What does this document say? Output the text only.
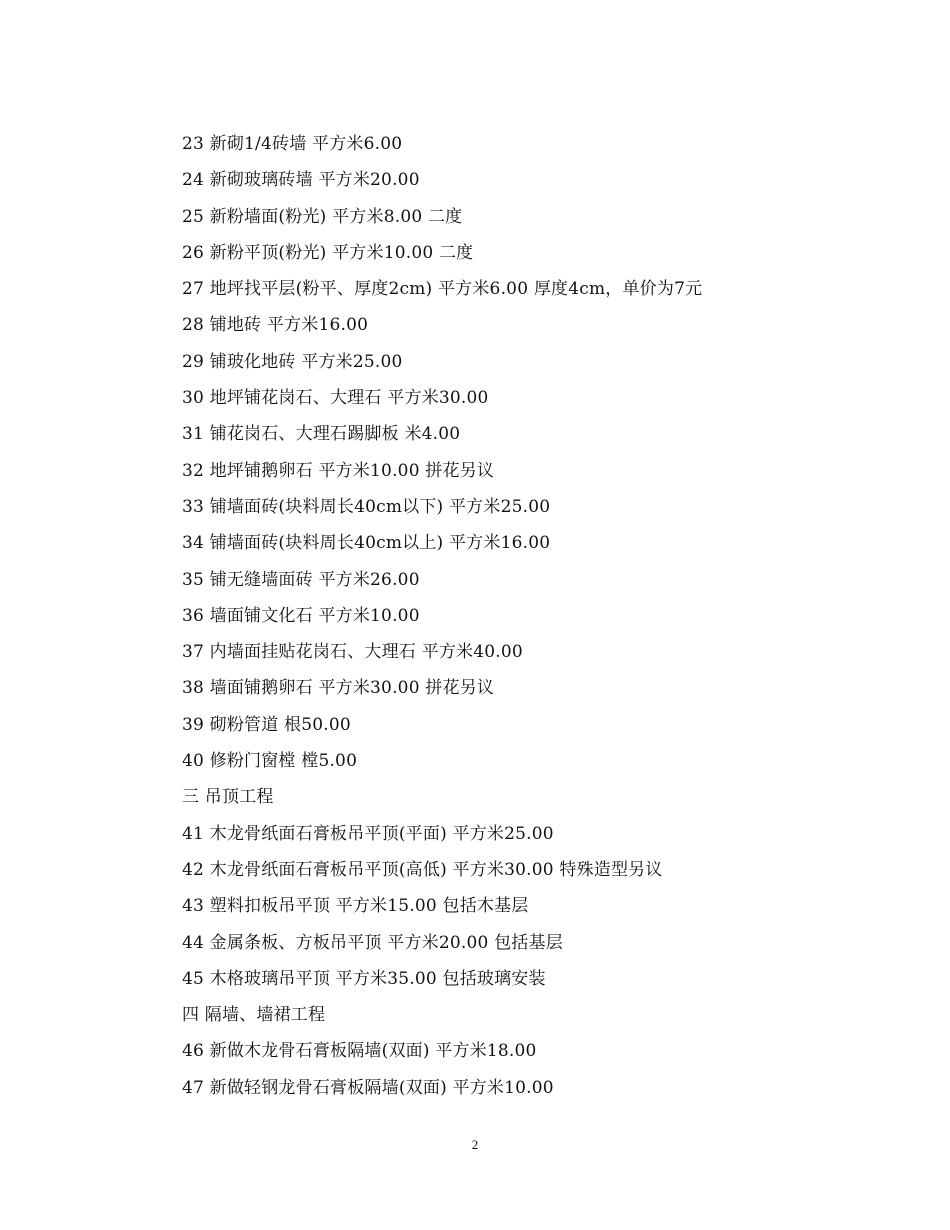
23 新砌1/4砖墙 平方米6.00
24 新砌玻璃砖墙 平方米20.00
25 新粉墙面(粉光) 平方米8.00 二度
26 新粉平顶(粉光) 平方米10.00 二度
27 地坪找平层(粉平、厚度2cm) 平方米6.00 厚度4cm，单价为7元
28 铺地砖 平方米16.00
29 铺玻化地砖 平方米25.00
30 地坪铺花岗石、大理石 平方米30.00
31 铺花岗石、大理石踢脚板 米4.00
32 地坪铺鹅卵石 平方米10.00 拼花另议
33 铺墙面砖(块料周长40cm以下) 平方米25.00
34 铺墙面砖(块料周长40cm以上) 平方米16.00
35 铺无缝墙面砖 平方米26.00
36 墙面铺文化石 平方米10.00
37 内墙面挂贴花岗石、大理石 平方米40.00
38 墙面铺鹅卵石 平方米30.00 拼花另议
39 砌粉管道 根50.00
40 修粉门窗樘 樘5.00
三 吊顶工程
41 木龙骨纸面石膏板吊平顶(平面) 平方米25.00
42 木龙骨纸面石膏板吊平顶(高低) 平方米30.00 特殊造型另议
43 塑料扣板吊平顶 平方米15.00 包括木基层
44 金属条板、方板吊平顶 平方米20.00 包括基层
45 木格玻璃吊平顶 平方米35.00 包括玻璃安装
四 隔墙、墙裙工程
46 新做木龙骨石膏板隔墙(双面) 平方米18.00
47 新做轻钢龙骨石膏板隔墙(双面) 平方米10.00
2
